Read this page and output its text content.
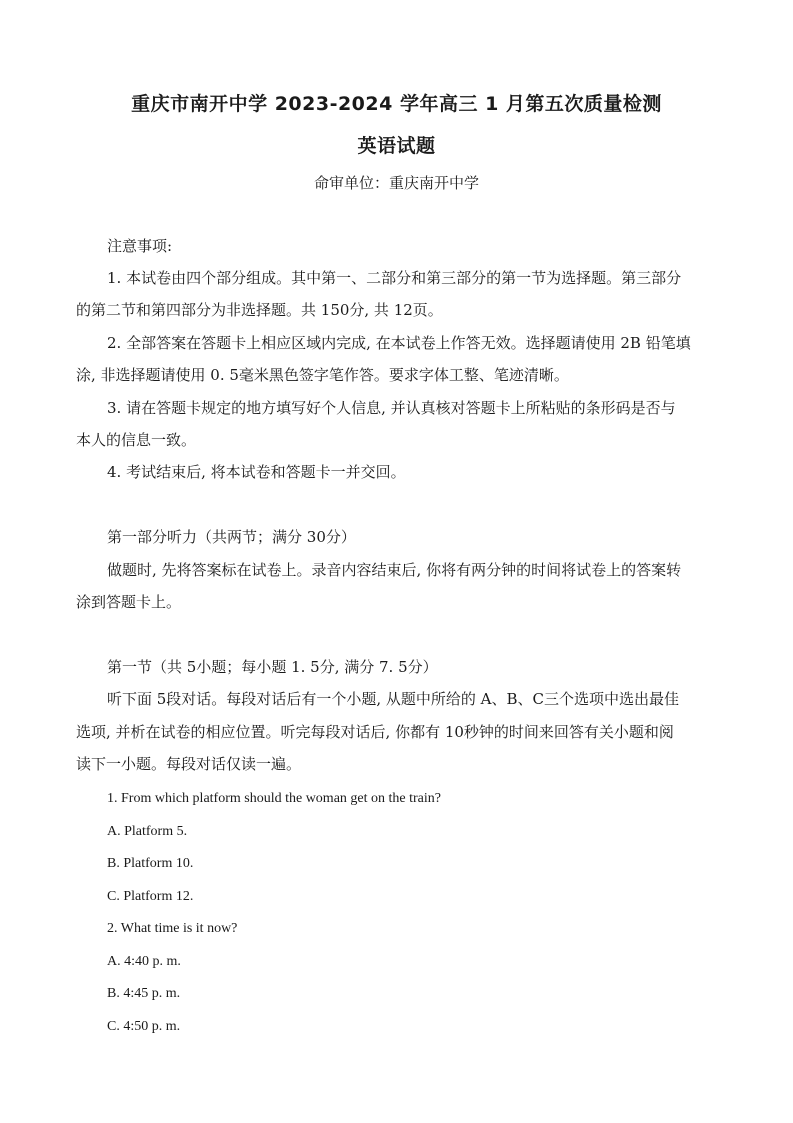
重庆市南开中学 2023-2024 学年高三 1 月第五次质量检测
英语试题
命审单位：重庆南开中学
注意事项:
1. 本试卷由四个部分组成。其中第一、二部分和第三部分的第一节为选择题。第三部分
的第二节和第四部分为非选择题。共 150分, 共 12页。
2. 全部答案在答题卡上相应区域内完成, 在本试卷上作答无效。选择题请使用 2B 铅笔填
涂, 非选择题请使用 0. 5毫米黑色签字笔作答。要求字体工整、笔迹清晰。
3. 请在答题卡规定的地方填写好个人信息, 并认真核对答题卡上所粘贴的条形码是否与
本人的信息一致。
4. 考试结束后, 将本试卷和答题卡一并交回。
第一部分听力（共两节；满分 30分）
做题时, 先将答案标在试卷上。录音内容结束后, 你将有两分钟的时间将试卷上的答案转
涂到答题卡上。
第一节（共 5小题；每小题 1. 5分, 满分 7. 5分）
听下面 5段对话。每段对话后有一个小题, 从题中所给的 A、B、C三个选项中选出最佳
选项, 并析在试卷的相应位置。听完每段对话后, 你都有 10秒钟的时间来回答有关小题和阅
读下一小题。每段对话仅读一遍。
1. From which platform should the woman get on the train?
A. Platform 5.
B. Platform 10.
C. Platform 12.
2. What time is it now?
A. 4:40 p. m.
B. 4:45 p. m.
C. 4:50 p. m.
